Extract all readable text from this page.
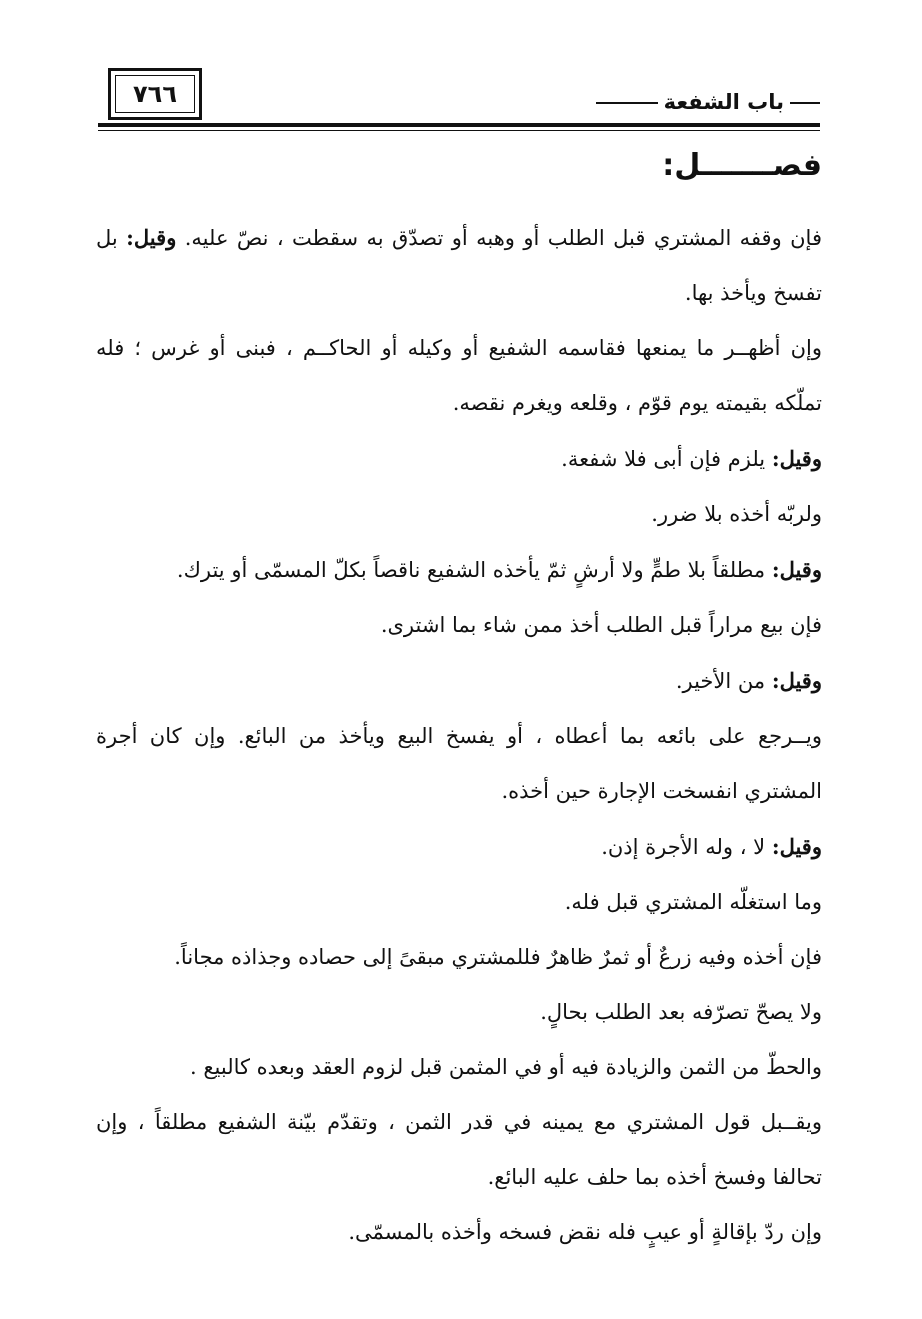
٧٦٦	باب الشفعة
فصـــــــل:

فإن وقفه المشتري قبل الطلب أو وهبه أو تصدّق به سقطت ، نصّ عليه. وقيل: بل تفسخ ويأخذ بها.

وإن أظهــر ما يمنعها فقاسمه الشفيع أو وكيله أو الحاكــم ، فبنى أو غرس ؛ فله تملّكه بقيمته يوم قوّم ، وقلعه ويغرم نقصه.

وقيل: يلزم فإن أبى فلا شفعة.

ولربّه أخذه بلا ضرر.

وقيل: مطلقاً بلا طمٍّ ولا أرشٍ ثمّ يأخذه الشفيع ناقصاً بكلّ المسمّى أو يترك.

فإن بيع مراراً قبل الطلب أخذ ممن شاء بما اشترى.

وقيل: من الأخير.

ويــرجع على بائعه بما أعطاه ، أو يفسخ البيع ويأخذ من البائع. وإن كان أجرة المشتري انفسخت الإجارة حين أخذه.

وقيل: لا ، وله الأجرة إذن.

وما استغلّه المشتري قبل فله.

فإن أخذه وفيه زرعٌ أو ثمرٌ ظاهرٌ فللمشتري مبقىً إلى حصاده وجذاذه مجاناً.

ولا يصحّ تصرّفه بعد الطلب بحالٍ.

والحطّ من الثمن والزيادة فيه أو في المثمن قبل لزوم العقد وبعده كالبيع .

ويقــبل قول المشتري مع يمينه في قدر الثمن ، وتقدّم بيّنة الشفيع مطلقاً ، وإن تحالفا وفسخ أخذه بما حلف عليه البائع.

وإن ردّ بإقالةٍ أو عيبٍ فله نقض فسخه وأخذه بالمسمّى.
